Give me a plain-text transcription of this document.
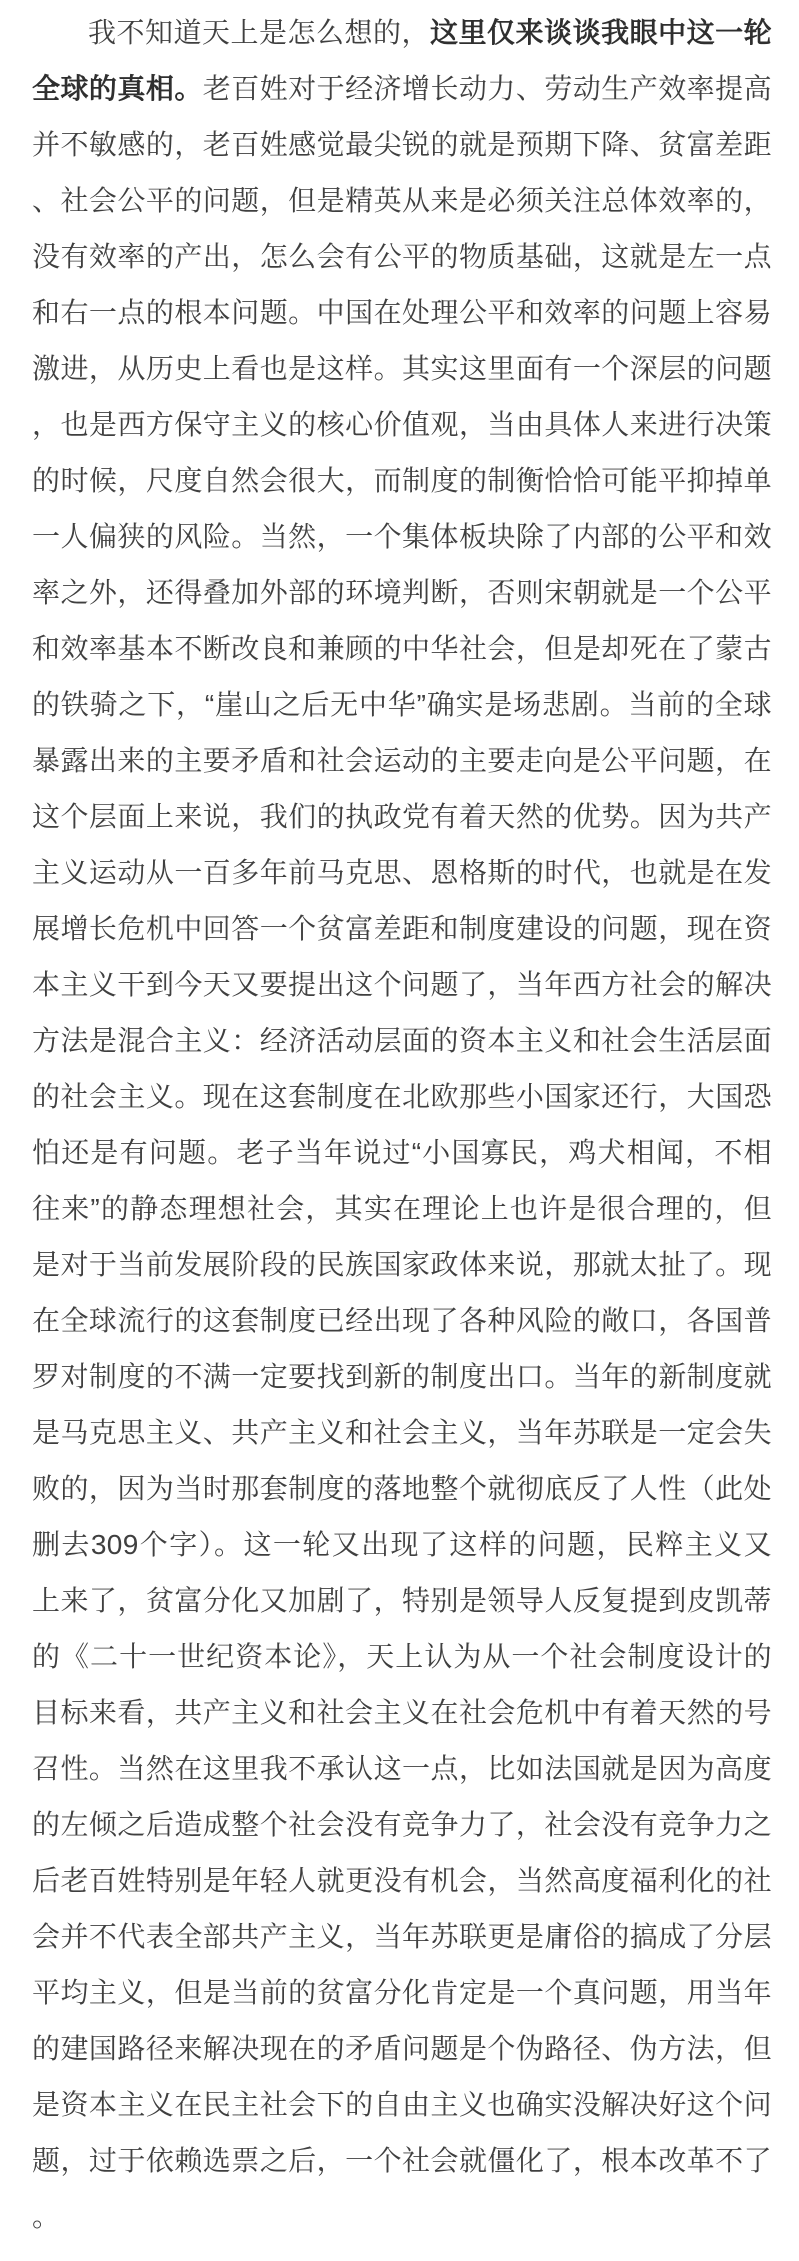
我不知道天上是怎么想的，这里仅来谈谈我眼中这一轮全球的真相。老百姓对于经济增长动力、劳动生产效率提高并不敏感的，老百姓感觉最尖锐的就是预期下降、贫富差距、社会公平的问题，但是精英从来是必须关注总体效率的，没有效率的产出，怎么会有公平的物质基础，这就是左一点和右一点的根本问题。中国在处理公平和效率的问题上容易激进，从历史上看也是这样。其实这里面有一个深层的问题，也是西方保守主义的核心价值观，当由具体人来进行决策的时候，尺度自然会很大，而制度的制衡恰恰可能平抑掉单一人偏狭的风险。当然，一个集体板块除了内部的公平和效率之外，还得叠加外部的环境判断，否则宋朝就是一个公平和效率基本不断改良和兼顾的中华社会，但是却死在了蒙古的铁骑之下，“崖山之后无中华”确实是场悲剧。当前的全球暴露出来的主要矛盾和社会运动的主要走向是公平问题，在这个层面上来说，我们的执政党有着天然的优势。因为共产主义运动从一百多年前马克思、恩格斯的时代，也就是在发展增长危机中回答一个贫富差距和制度建设的问题，现在资本主义干到今天又要提出这个问题了，当年西方社会的解决方法是混合主义：经济活动层面的资本主义和社会生活层面的社会主义。现在这套制度在北欧那些小国家还行，大国恐怕还是有问题。老子当年说过“小国寡民，鸡犬相闻，不相往来”的静态理想社会，其实在理论上也许是很合理的，但是对于当前发展阶段的民族国家政体来说，那就太扯了。现在全球流行的这套制度已经出现了各种风险的敞口，各国普罗对制度的不满一定要找到新的制度出口。当年的新制度就是马克思主义、共产主义和社会主义，当年苏联是一定会失败的，因为当时那套制度的落地整个就彻底反了人性（此处删去309个字）。这一轮又出现了这样的问题，民粹主义又上来了，贫富分化又加剧了，特别是领导人反复提到皮凯蒂的《二十一世纪资本论》，天上认为从一个社会制度设计的目标来看，共产主义和社会主义在社会危机中有着天然的号召性。当然在这里我不承认这一点，比如法国就是因为高度的左倾之后造成整个社会没有竞争力了，社会没有竞争力之后老百姓特别是年轻人就更没有机会，当然高度福利化的社会并不代表全部共产主义，当年苏联更是庸俗的搞成了分层平均主义，但是当前的贫富分化肯定是一个真问题，用当年的建国路径来解决现在的矛盾问题是个伪路径、伪方法，但是资本主义在民主社会下的自由主义也确实没解决好这个问题，过于依赖选票之后，一个社会就僵化了，根本改革不了。
